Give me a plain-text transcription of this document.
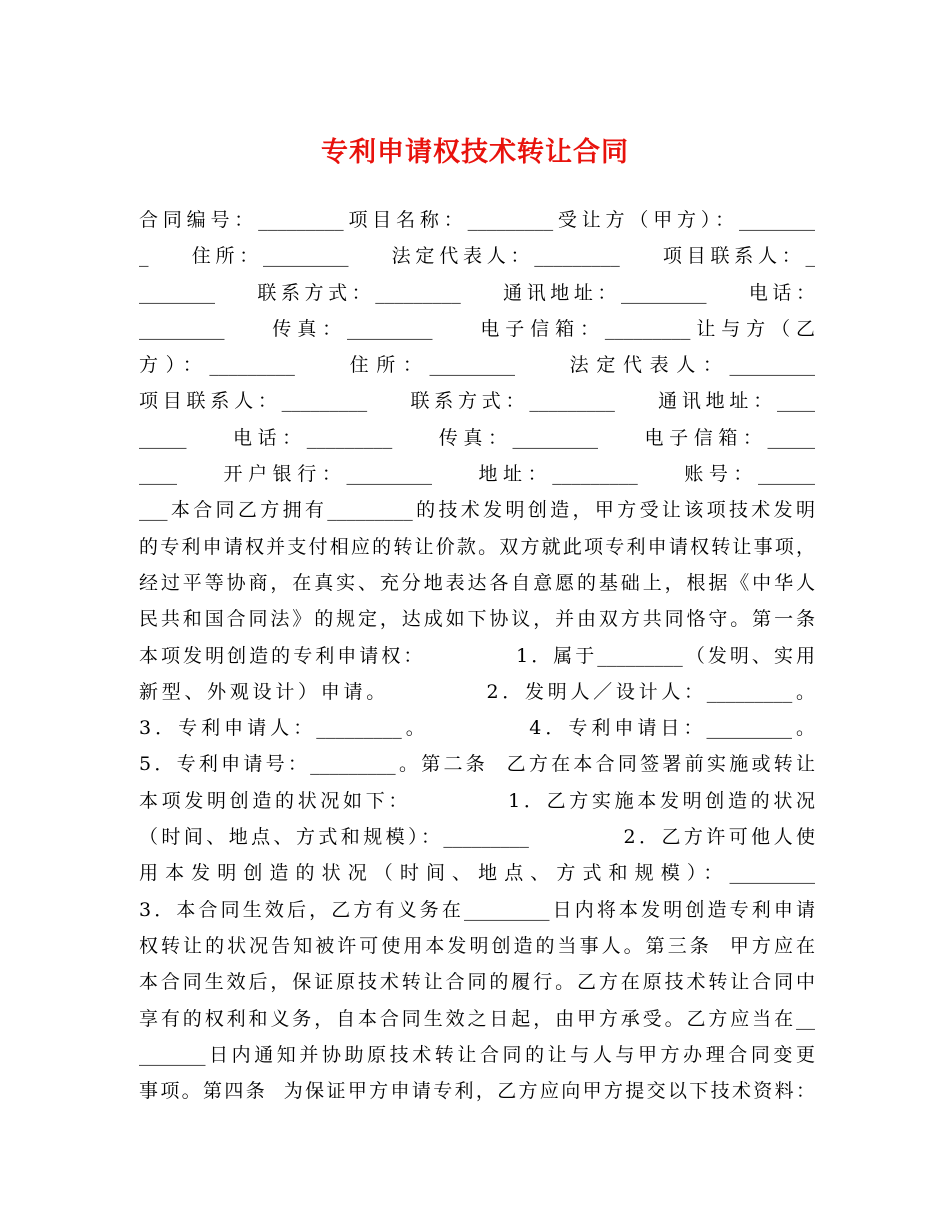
专利申请权技术转让合同
合同编号：_________项目名称：_________受让方（甲方）：________
_    住所：_________    法定代表人：_________    项目联系人：_
________    联系方式：_________    通讯地址：_________    电话：
_________    传真：_________    电子信箱：_________让与方（乙
方）：_________    住所：_________    法定代表人：_________
项目联系人：_________    联系方式：_________    通讯地址：____
_____    电话：_________    传真：_________    电子信箱：_____
____    开户银行：_________    地址：_________    账号：______
___本合同乙方拥有_________的技术发明创造，甲方受让该项技术发明
的专利申请权并支付相应的转让价款。双方就此项专利申请权转让事项，
经过平等协商，在真实、充分地表达各自意愿的基础上，根据《中华人
民共和国合同法》的规定，达成如下协议，并由双方共同恪守。第一条
本项发明创造的专利申请权：          1．属于_________（发明、实用
新型、外观设计）申请。          2．发明人／设计人：_________。
3．专利申请人：_________。          4．专利申请日：_________。
5．专利申请号：_________。第二条  乙方在本合同签署前实施或转让
本项发明创造的状况如下：          1．乙方实施本发明创造的状况
（时间、地点、方式和规模）：_________          2．乙方许可他人使
用本发明创造的状况（时间、地点、方式和规模）：_________
3．本合同生效后，乙方有义务在_________日内将本发明创造专利申请
权转让的状况告知被许可使用本发明创造的当事人。第三条  甲方应在
本合同生效后，保证原技术转让合同的履行。乙方在原技术转让合同中
享有的权利和义务，自本合同生效之日起，由甲方承受。乙方应当在__
_______日内通知并协助原技术转让合同的让与人与甲方办理合同变更
事项。第四条  为保证甲方申请专利，乙方应向甲方提交以下技术资料：
